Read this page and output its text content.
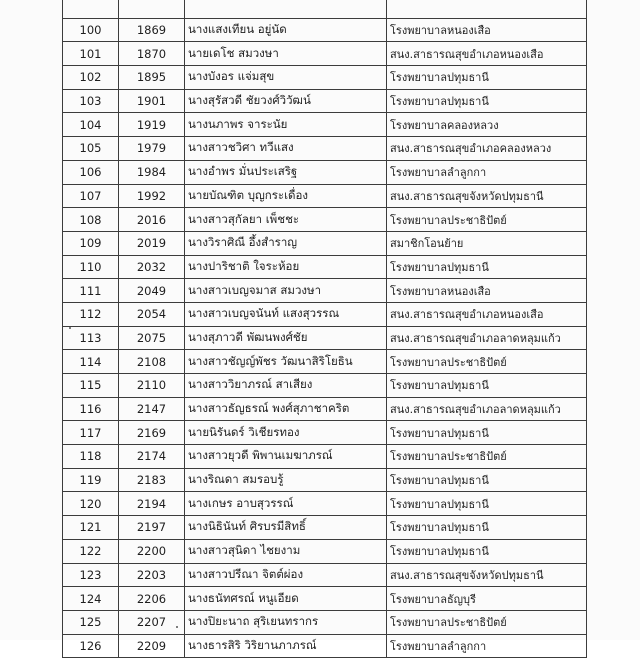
100	1869	นางแสงเทียน อยู่นัด	โรงพยาบาลหนองเสือ
101	1870	นายเดโช สมวงษา	สนง.สาธารณสุขอำเภอหนองเสือ
102	1895	นางบังอร แจ่มสุข	โรงพยาบาลปทุมธานี
103	1901	นางสุรัสวดี ชัยวงศ์วิวัฒน์	โรงพยาบาลปทุมธานี
104	1919	นางนภาพร จาระนัย	โรงพยาบาลคลองหลวง
105	1979	นางสาวชวิศา ทวีแสง	สนง.สาธารณสุขอำเภอคลองหลวง
106	1984	นางอำพร มั่นประเสริฐ	โรงพยาบาลลำลูกกา
107	1992	นายบัณฑิต บุญกระเดื่อง	สนง.สาธารณสุขจังหวัดปทุมธานี
108	2016	นางสาวสุกัลยา เพ็ชชะ	โรงพยาบาลประชาธิปัตย์
109	2019	นางวิราศิณี อึ้งสำราญ	สมาชิกโอนย้าย
110	2032	นางปาริชาติ ใจระห้อย	โรงพยาบาลปทุมธานี
111	2049	นางสาวเบญจมาส สมวงษา	โรงพยาบาลหนองเสือ
112	2054	นางสาวเบญจนันท์ แสงสุวรรณ	สนง.สาธารณสุขอำเภอหนองเสือ
113	2075	นางสุภาวดี พัฒนพงศ์ชัย	สนง.สาธารณสุขอำเภอลาดหลุมแก้ว
114	2108	นางสาวชัญญ์พัชร วัฒนาสิริโยธิน	โรงพยาบาลประชาธิปัตย์
115	2110	นางสาววิยาภรณ์ สาเสียง	โรงพยาบาลปทุมธานี
116	2147	นางสาวธัญธรณ์ พงศ์สุภาชาคริต	สนง.สาธารณสุขอำเภอลาดหลุมแก้ว
117	2169	นายนิรันดร์ วิเชียรทอง	โรงพยาบาลปทุมธานี
118	2174	นางสาวยุวดี พิพานเมฆาภรณ์	โรงพยาบาลประชาธิปัตย์
119	2183	นางริณดา สมรอบรู้	โรงพยาบาลปทุมธานี
120	2194	นางเกษร อาบสุวรรณ์	โรงพยาบาลปทุมธานี
121	2197	นางนิธินันท์ ศิรบรมีสิทธิ์	โรงพยาบาลปทุมธานี
122	2200	นางสาวสุนิดา ไชยงาม	โรงพยาบาลปทุมธานี
123	2203	นางสาวปรีณา จิตต์ผ่อง	สนง.สาธารณสุขจังหวัดปทุมธานี
124	2206	นางธนัทศรณ์ หนูเอียด	โรงพยาบาลธัญบุรี
125	2207	นางปิยะนาถ สุริเยนทรากร	โรงพยาบาลประชาธิปัตย์
126	2209	นางธารสิริ วิริยานภาภรณ์	โรงพยาบาลลำลูกกา
